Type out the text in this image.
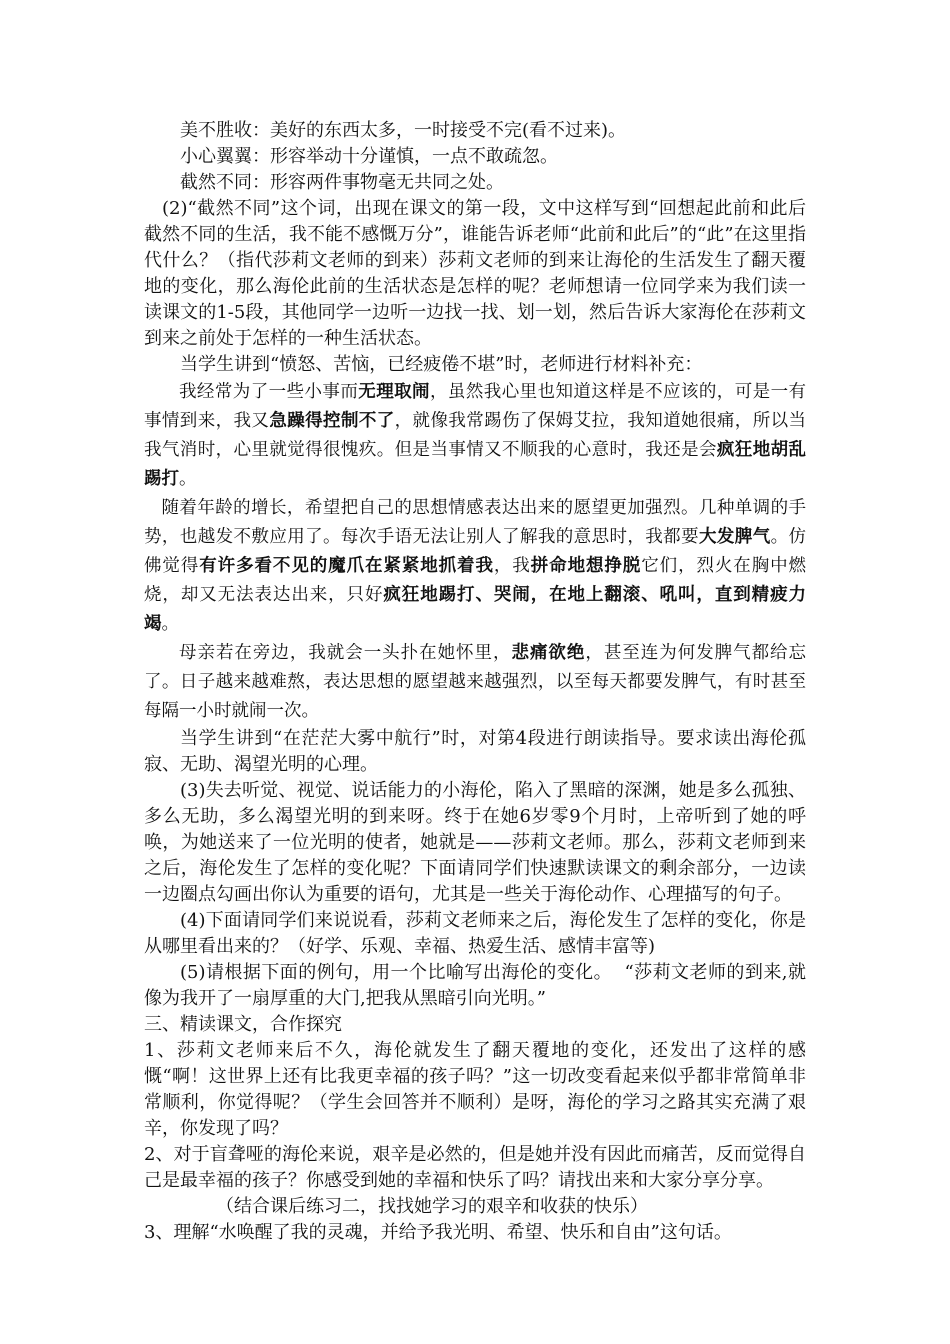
美不胜收：美好的东西太多，一时接受不完(看不过来)。

小心翼翼：形容举动十分谨慎，一点不敢疏忽。

截然不同：形容两件事物毫无共同之处。

(2)“截然不同”这个词，出现在课文的第一段，文中这样写到“回想起此前和此后截然不同的生活，我不能不感慨万分”，谁能告诉老师“此前和此后”的“此”在这里指代什么？（指代莎莉文老师的到来）莎莉文老师的到来让海伦的生活发生了翻天覆地的变化，那么海伦此前的生活状态是怎样的呢？老师想请一位同学来为我们读一读课文的1-5段，其他同学一边听一边找一找、划一划，然后告诉大家海伦在莎莉文到来之前处于怎样的一种生活状态。

当学生讲到“愤怒、苦恼，已经疲倦不堪”时，老师进行材料补充：

我经常为了一些小事而无理取闹，虽然我心里也知道这样是不应该的，可是一有事情到来，我又急躁得控制不了，就像我常踢伤了保姆艾拉，我知道她很痛，所以当我气消时，心里就觉得很愧疚。但是当事情又不顺我的心意时，我还是会疯狂地胡乱踢打。

随着年龄的增长，希望把自己的思想情感表达出来的愿望更加强烈。几种单调的手势，也越发不敷应用了。每次手语无法让别人了解我的意思时，我都要大发脾气。仿佛觉得有许多看不见的魔爪在紧紧地抓着我，我拼命地想挣脱它们，烈火在胸中燃烧，却又无法表达出来，只好疯狂地踢打、哭闹，在地上翻滚、吼叫，直到精疲力竭。

母亲若在旁边，我就会一头扑在她怀里，悲痛欲绝，甚至连为何发脾气都给忘了。日子越来越难熬，表达思想的愿望越来越强烈，以至每天都要发脾气，有时甚至每隔一小时就闹一次。

当学生讲到“在茫茫大雾中航行”时，对第4段进行朗读指导。要求读出海伦孤寂、无助、渴望光明的心理。

(3)失去听觉、视觉、说话能力的小海伦，陷入了黑暗的深渊，她是多么孤独、多么无助，多么渴望光明的到来呀。终于在她6岁零9个月时，上帝听到了她的呼唤，为她送来了一位光明的使者，她就是——莎莉文老师。那么，莎莉文老师到来之后，海伦发生了怎样的变化呢？下面请同学们快速默读课文的剩余部分，一边读一边圈点勾画出你认为重要的语句，尤其是一些关于海伦动作、心理描写的句子。

(4)下面请同学们来说说看，莎莉文老师来之后，海伦发生了怎样的变化，你是从哪里看出来的？（好学、乐观、幸福、热爱生活、感情丰富等)

(5)请根据下面的例句，用一个比喻写出海伦的变化。 “莎莉文老师的到来,就像为我开了一扇厚重的大门,把我从黑暗引向光明。”

三、精读课文，合作探究

1、莎莉文老师来后不久，海伦就发生了翻天覆地的变化，还发出了这样的感慨“啊！这世界上还有比我更幸福的孩子吗？”这一切改变看起来似乎都非常简单非常顺利，你觉得呢？（学生会回答并不顺利）是呀，海伦的学习之路其实充满了艰辛，你发现了吗？

2、对于盲聋哑的海伦来说，艰辛是必然的，但是她并没有因此而痛苦，反而觉得自己是最幸福的孩子？你感受到她的幸福和快乐了吗？请找出来和大家分享分享。

（结合课后练习二，找找她学习的艰辛和收获的快乐）

3、理解“水唤醒了我的灵魂，并给予我光明、希望、快乐和自由”这句话。
